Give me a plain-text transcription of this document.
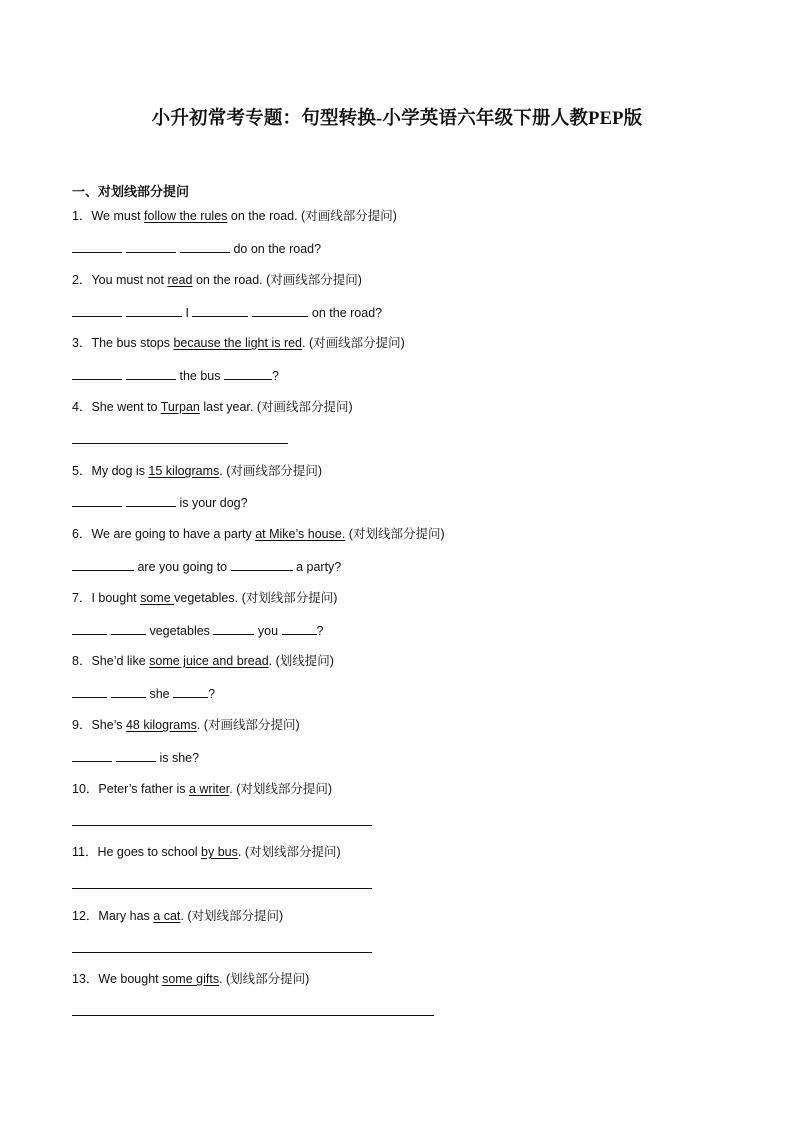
小升初常考专题：句型转换-小学英语六年级下册人教PEP版
一、对划线部分提问
1．We must follow the rules on the road. (对画线部分提问)
do on the road?
2．You must not read on the road. (对画线部分提问)
I	on the road?
3．The bus stops because the light is red. (对画线部分提问)
the bus	?
4．She went to Turpan last year. (对画线部分提问)
5．My dog is 15 kilograms. (对画线部分提问)
is your dog?
6．We are going to have a party at Mike’s house. (对划线部分提问)
are you going to	a party?
7．I bought some vegetables. (对划线部分提问)
vegetables	you	?
8．She’d like some juice and bread. (划线提问)
she	?
9．She’s 48 kilograms. (对画线部分提问)
is she?
10．Peter’s father is a writer. (对划线部分提问)
11．He goes to school by bus. (对划线部分提问)
12．Mary has a cat. (对划线部分提问)
13．We bought some gifts. (划线部分提问)
